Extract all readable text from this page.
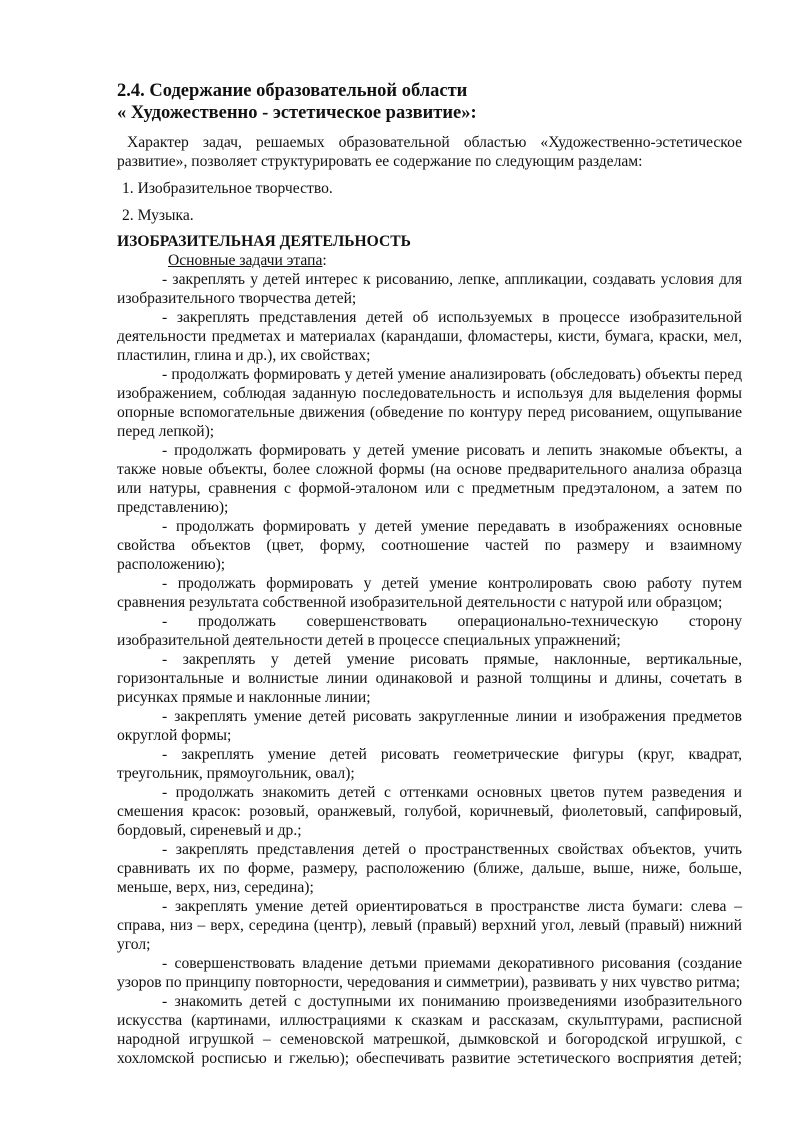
2.4. Содержание образовательной области

« Художественно - эстетическое развитие»:

Характер задач, решаемых образовательной областью «Художественно-эстетическое развитие», позволяет структурировать ее содержание по следующим разделам:
1. Изобразительное творчество.
2. Музыка.
ИЗОБРАЗИТЕЛЬНАЯ ДЕЯТЕЛЬНОСТЬ
Основные задачи этапа:
- закреплять у детей интерес к рисованию, лепке, аппликации, создавать условия для изобразительного творчества детей;
- закреплять представления детей об используемых в процессе изобразительной деятельности предметах и материалах (карандаши, фломастеры, кисти, бумага, краски, мел, пластилин, глина и др.), их свойствах;
- продолжать формировать у детей умение анализировать (обследовать) объекты перед изображением, соблюдая заданную последовательность и используя для выделения формы опорные вспомогательные движения (обведение по контуру перед рисованием, ощупывание перед лепкой);
- продолжать формировать у детей умение рисовать и лепить знакомые объекты, а также новые объекты, более сложной формы (на основе предварительного анализа образца или натуры, сравнения с формой-эталоном или с предметным предэталоном, а затем по представлению);
- продолжать формировать у детей умение передавать в изображениях основные свойства объектов (цвет, форму, соотношение частей по размеру и взаимному расположению);
- продолжать формировать у детей умение контролировать свою работу путем сравнения результата собственной изобразительной деятельности с натурой или образцом;
- продолжать совершенствовать операционально-техническую сторону изобразительной деятельности детей в процессе специальных упражнений;
- закреплять у детей умение рисовать прямые, наклонные, вертикальные, горизонтальные и волнистые линии одинаковой и разной толщины и длины, сочетать в рисунках прямые и наклонные линии;
- закреплять умение детей рисовать закругленные линии и изображения предметов округлой формы;
- закреплять умение детей рисовать геометрические фигуры (круг, квадрат, треугольник, прямоугольник, овал);
- продолжать знакомить детей с оттенками основных цветов путем разведения и смешения красок: розовый, оранжевый, голубой, коричневый, фиолетовый, сапфировый, бордовый, сиреневый и др.;
- закреплять представления детей о пространственных свойствах объектов, учить сравнивать их по форме, размеру, расположению (ближе, дальше, выше, ниже, больше, меньше, верх, низ, середина);
- закреплять умение детей ориентироваться в пространстве листа бумаги: слева – справа, низ – верх, середина (центр), левый (правый) верхний угол, левый (правый) нижний угол;
- совершенствовать владение детьми приемами декоративного рисования (создание узоров по принципу повторности, чередования и симметрии), развивать у них чувство ритма;
- знакомить детей с доступными их пониманию произведениями изобразительного искусства (картинами, иллюстрациями к сказкам и рассказам, скульптурами, расписной народной игрушкой – семеновской матрешкой, дымковской и богородской игрушкой, с хохломской росписью и гжелью); обеспечивать развитие эстетического восприятия детей;
